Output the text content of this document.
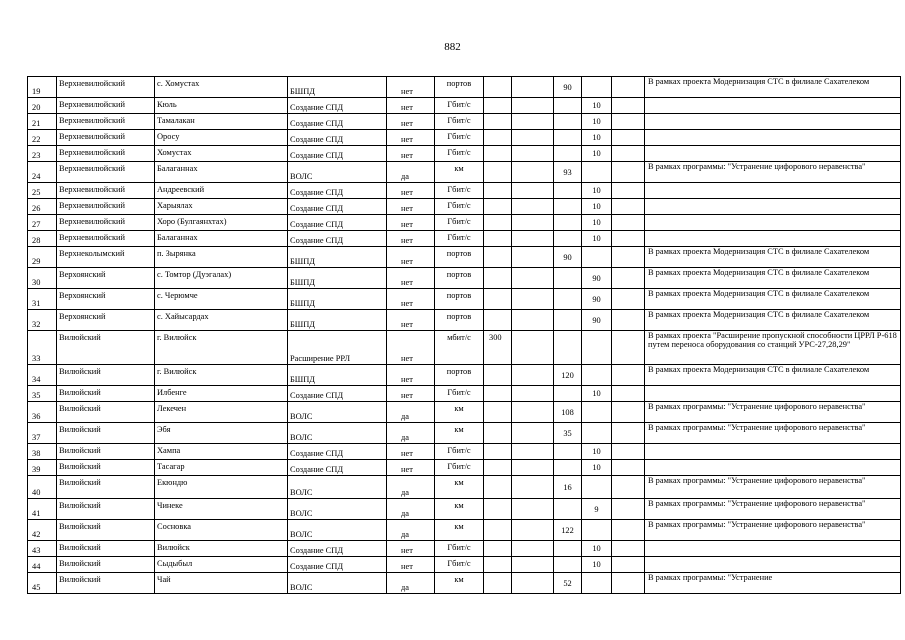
882
19	Верхневилюйский	с. Хомустах	БШПД	нет	портов			90			В рамках проекта Модернизация СТС в филиале Сахателеком
20	Верхневилюйский	Кюль	Создание СПД	нет	Гбит/с				10		
21	Верхневилюйский	Тамалакан	Создание СПД	нет	Гбит/с				10		
22	Верхневилюйский	Оросу	Создание СПД	нет	Гбит/с				10		
23	Верхневилюйский	Хомустах	Создание СПД	нет	Гбит/с				10		
24	Верхневилюйский	Балаганнах	ВОЛС	да	км			93			В рамках программы: "Устранение цифорового неравенства"
25	Верхневилюйский	Андреевский	Создание СПД	нет	Гбит/с				10		
26	Верхневилюйский	Харыялах	Создание СПД	нет	Гбит/с				10		
27	Верхневилюйский	Хоро (Булгаянхтах)	Создание СПД	нет	Гбит/с				10		
28	Верхневилюйский	Балаганнах	Создание СПД	нет	Гбит/с				10		
29	Верхнеколымский	п. Зырянка	БШПД	нет	портов			90			В рамках проекта Модернизация СТС в филиале Сахателеком
30	Верхоянский	с. Томтор (Дуэгалах)	БШПД	нет	портов				90		В рамках проекта Модернизация СТС в филиале Сахателеком
31	Верхоянский	с. Черюмче	БШПД	нет	портов				90		В рамках проекта Модернизация СТС в филиале Сахателеком
32	Верхоянский	с. Хайысардах	БШПД	нет	портов				90		В рамках проекта Модернизация СТС в филиале Сахателеком
33	Вилюйский	г. Вилюйск	Расширение РРЛ	нет	мбит/с	300					В рамках проекта "Расширение пропускной способности ЦРРЛ Р-618 путем переноса оборудования со станций УРС-27,28,29"
34	Вилюйский	г. Вилюйск	БШПД	нет	портов			120			В рамках проекта Модернизация СТС в филиале Сахателеком
35	Вилюйский	Илбенге	Создание СПД	нет	Гбит/с				10		
36	Вилюйский	Лекечен	ВОЛС	да	км			108			В рамках программы: "Устранение цифорового неравенства"
37	Вилюйский	Эбя	ВОЛС	да	км			35			В рамках программы: "Устранение цифорового неравенства"
38	Вилюйский	Хампа	Создание СПД	нет	Гбит/с				10		
39	Вилюйский	Тасагар	Создание СПД	нет	Гбит/с				10		
40	Вилюйский	Екюндю	ВОЛС	да	км			16			В рамках программы: "Устранение цифорового неравенства"
41	Вилюйский	Чинеке	ВОЛС	да	км				9		В рамках программы: "Устранение цифорового неравенства"
42	Вилюйский	Сосновка	ВОЛС	да	км			122			В рамках программы: "Устранение цифорового неравенства"
43	Вилюйский	Вилюйск	Создание СПД	нет	Гбит/с				10		
44	Вилюйский	Сыдыбыл	Создание СПД	нет	Гбит/с				10		
45	Вилюйский	Чай	ВОЛС	да	км			52			В рамках программы: "Устранение
